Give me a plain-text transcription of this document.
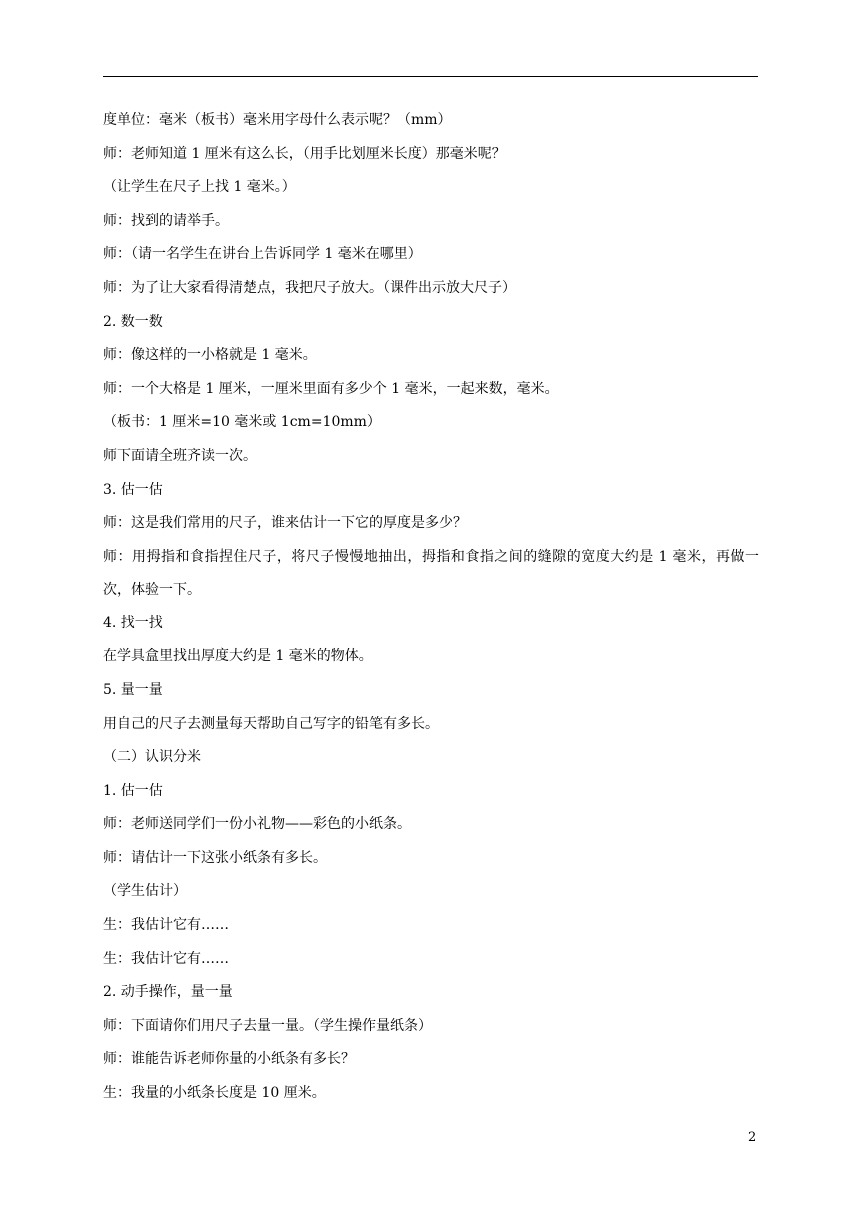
度单位：毫米（板书）毫米用字母什么表示呢？（mm）

师：老师知道 1 厘米有这么长，（用手比划厘米长度）那毫米呢？

（让学生在尺子上找 1 毫米。）

师：找到的请举手。

师：（请一名学生在讲台上告诉同学 1 毫米在哪里）

师：为了让大家看得清楚点，我把尺子放大。（课件出示放大尺子）

2. 数一数

师：像这样的一小格就是 1 毫米。

师：一个大格是 1 厘米，一厘米里面有多少个 1 毫米，一起来数，毫米。

（板书：1 厘米=10 毫米或 1cm=10mm）

师下面请全班齐读一次。

3. 估一估

师：这是我们常用的尺子，谁来估计一下它的厚度是多少？

师：用拇指和食指捏住尺子，将尺子慢慢地抽出，拇指和食指之间的缝隙的宽度大约是 1 毫米，再做一次，体验一下。

4. 找一找

在学具盒里找出厚度大约是 1 毫米的物体。

5. 量一量

用自己的尺子去测量每天帮助自己写字的铅笔有多长。

（二）认识分米

1. 估一估

师：老师送同学们一份小礼物——彩色的小纸条。

师：请估计一下这张小纸条有多长。

（学生估计）

生：我估计它有……

生：我估计它有……

2. 动手操作，量一量

师：下面请你们用尺子去量一量。（学生操作量纸条）

师：谁能告诉老师你量的小纸条有多长？

生：我量的小纸条长度是 10 厘米。

2
